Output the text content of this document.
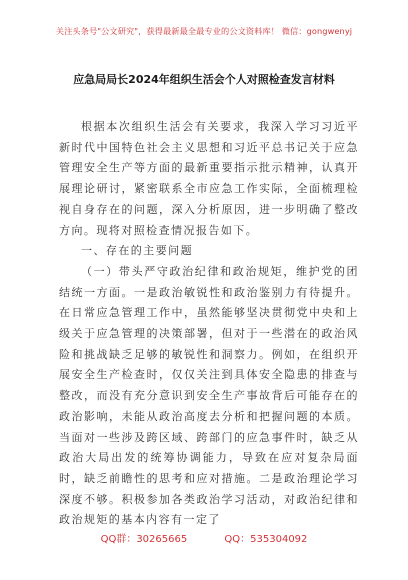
关注头条号"公文研究"，获得最新最全最专业的公文资料库！ 微信：gongwenyj
应急局局长2024年组织生活会个人对照检查发言材料

根据本次组织生活会有关要求，我深入学习习近平新时代中国特色社会主义思想和习近平总书记关于应急管理安全生产等方面的最新重要指示批示精神，认真开展理论研讨，紧密联系全市应急工作实际，全面梳理检视自身存在的问题，深入分析原因，进一步明确了整改方向。现将对照检查情况报告如下。

一、存在的主要问题

（一）带头严守政治纪律和政治规矩，维护党的团结统一方面。一是政治敏锐性和政治鉴别力有待提升。在日常应急管理工作中，虽然能够坚决贯彻党中央和上级关于应急管理的决策部署，但对于一些潜在的政治风险和挑战缺乏足够的敏锐性和洞察力。例如，在组织开展安全生产检查时，仅仅关注到具体安全隐患的排查与整改，而没有充分意识到安全生产事故背后可能存在的政治影响，未能从政治高度去分析和把握问题的本质。当面对一些涉及跨区域、跨部门的应急事件时，缺乏从政治大局出发的统筹协调能力，导致在应对复杂局面时，缺乏前瞻性的思考和应对措施。二是政治理论学习深度不够。积极参加各类政治学习活动，对政治纪律和政治规矩的基本内容有一定了

QQ群：30265665	QQ：535304092
